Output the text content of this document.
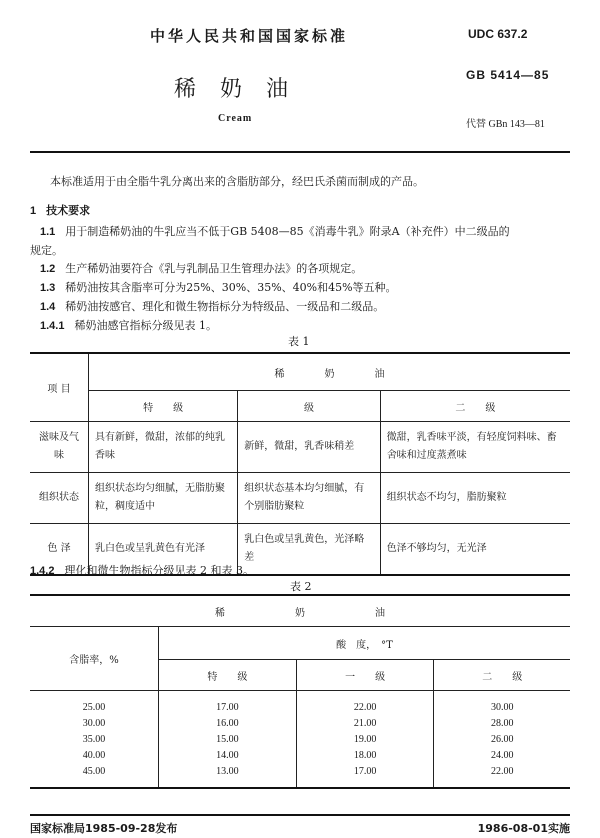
中华人民共和国国家标准	UDC 637.2
稀奶油
GB 5414—85
Cream
代替 GBn 143—81
本标准适用于由全脂牛乳分离出来的含脂肪部分，经巴氏杀菌而制成的产品。
1 技术要求
1.1 用于制造稀奶油的牛乳应当不低于GB 5408—85《消毒牛乳》附录A（补充件）中二级品的
规定。
1.2 生产稀奶油要符合《乳与乳制品卫生管理办法》的各项规定。
1.3 稀奶油按其含脂率可分为25%、30%、35%、40%和45%等五种。
1.4 稀奶油按感官、理化和微生物指标分为特级品、一级品和二级品。
1.4.1 稀奶油感官指标分级见表 1。
表 1
项 目	稀　　　　奶　　　　油		
	特　　级	级	二　　级
滋味及气　味	具有新鲜，微甜，浓郁的纯乳香味	新鲜，微甜，乳香味稍差	微甜，乳香味平淡，有轻度饲料味、畜舍味和过度蒸煮味
组织状态	组织状态均匀细腻，无脂肪聚粒，稠度适中	组织状态基本均匀细腻，有个别脂肪聚粒	组织状态不均匀，脂肪聚粒
色 泽	乳白色或呈乳黄色有光泽	乳白色或呈乳黄色，光泽略差	色泽不够均匀，无光泽
1.4.2 理化和微生物指标分级见表 2 和表 3。
表 2
稀　　　　　　　奶　　　　　　　油			
含脂率，%	酸　度，　°T		
	特　　级	一　　级	二　　级
25.00	17.00	22.00	30.00
30.00	16.00	21.00	28.00
35.00	15.00	19.00	26.00
40.00	14.00	18.00	24.00
45.00	13.00	17.00	22.00
国家标准局1985-09-28发布	1986-08-01实施
